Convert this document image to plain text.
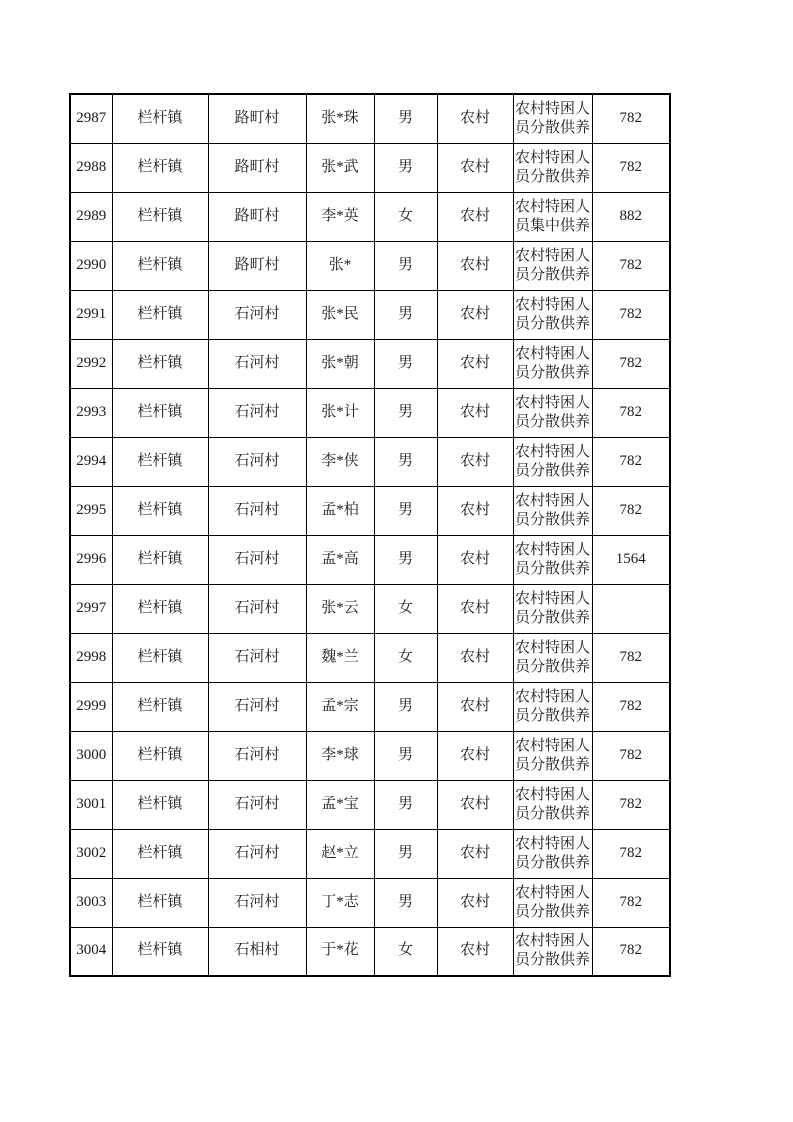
2987	栏杆镇	路町村	张*珠	男	农村	农村特困人员分散供养	782
2988	栏杆镇	路町村	张*武	男	农村	农村特困人员分散供养	782
2989	栏杆镇	路町村	李*英	女	农村	农村特困人员集中供养	882
2990	栏杆镇	路町村	张*	男	农村	农村特困人员分散供养	782
2991	栏杆镇	石河村	张*民	男	农村	农村特困人员分散供养	782
2992	栏杆镇	石河村	张*朝	男	农村	农村特困人员分散供养	782
2993	栏杆镇	石河村	张*计	男	农村	农村特困人员分散供养	782
2994	栏杆镇	石河村	李*侠	男	农村	农村特困人员分散供养	782
2995	栏杆镇	石河村	孟*柏	男	农村	农村特困人员分散供养	782
2996	栏杆镇	石河村	孟*高	男	农村	农村特困人员分散供养	1564
2997	栏杆镇	石河村	张*云	女	农村	农村特困人员分散供养	
2998	栏杆镇	石河村	魏*兰	女	农村	农村特困人员分散供养	782
2999	栏杆镇	石河村	孟*宗	男	农村	农村特困人员分散供养	782
3000	栏杆镇	石河村	李*球	男	农村	农村特困人员分散供养	782
3001	栏杆镇	石河村	孟*宝	男	农村	农村特困人员分散供养	782
3002	栏杆镇	石河村	赵*立	男	农村	农村特困人员分散供养	782
3003	栏杆镇	石河村	丁*志	男	农村	农村特困人员分散供养	782
3004	栏杆镇	石相村	于*花	女	农村	农村特困人员分散供养	782
